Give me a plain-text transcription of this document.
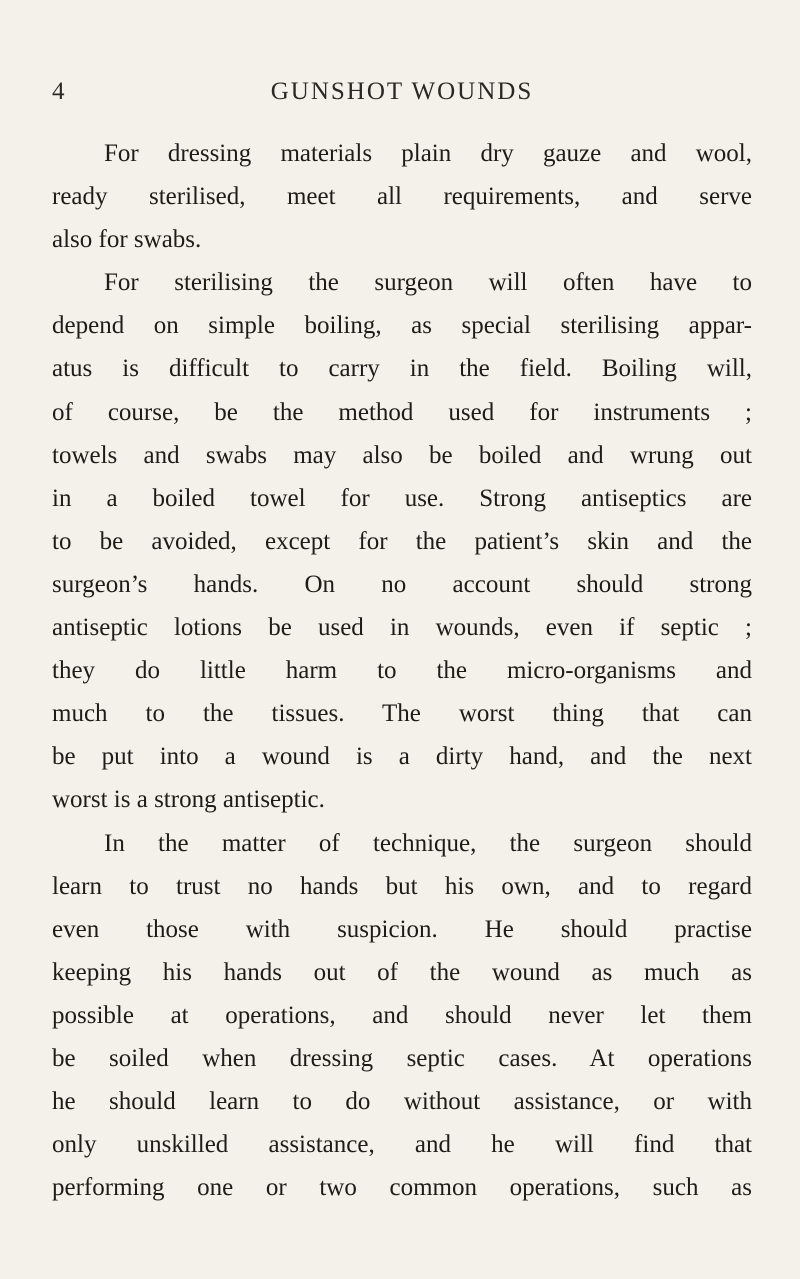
4	GUNSHOT WOUNDS
For dressing materials plain dry gauze and wool,
ready sterilised, meet all requirements, and serve
also for swabs.
For sterilising the surgeon will often have to
depend on simple boiling, as special sterilising appar-
atus is difficult to carry in the field. Boiling will,
of course, be the method used for instruments ;
towels and swabs may also be boiled and wrung out
in a boiled towel for use. Strong antiseptics are
to be avoided, except for the patient’s skin and the
surgeon’s hands. On no account should strong
antiseptic lotions be used in wounds, even if septic ;
they do little harm to the micro-organisms and
much to the tissues. The worst thing that can
be put into a wound is a dirty hand, and the next
worst is a strong antiseptic.
In the matter of technique, the surgeon should
learn to trust no hands but his own, and to regard
even those with suspicion. He should practise
keeping his hands out of the wound as much as
possible at operations, and should never let them
be soiled when dressing septic cases. At operations
he should learn to do without assistance, or with
only unskilled assistance, and he will find that
performing one or two common operations, such as
